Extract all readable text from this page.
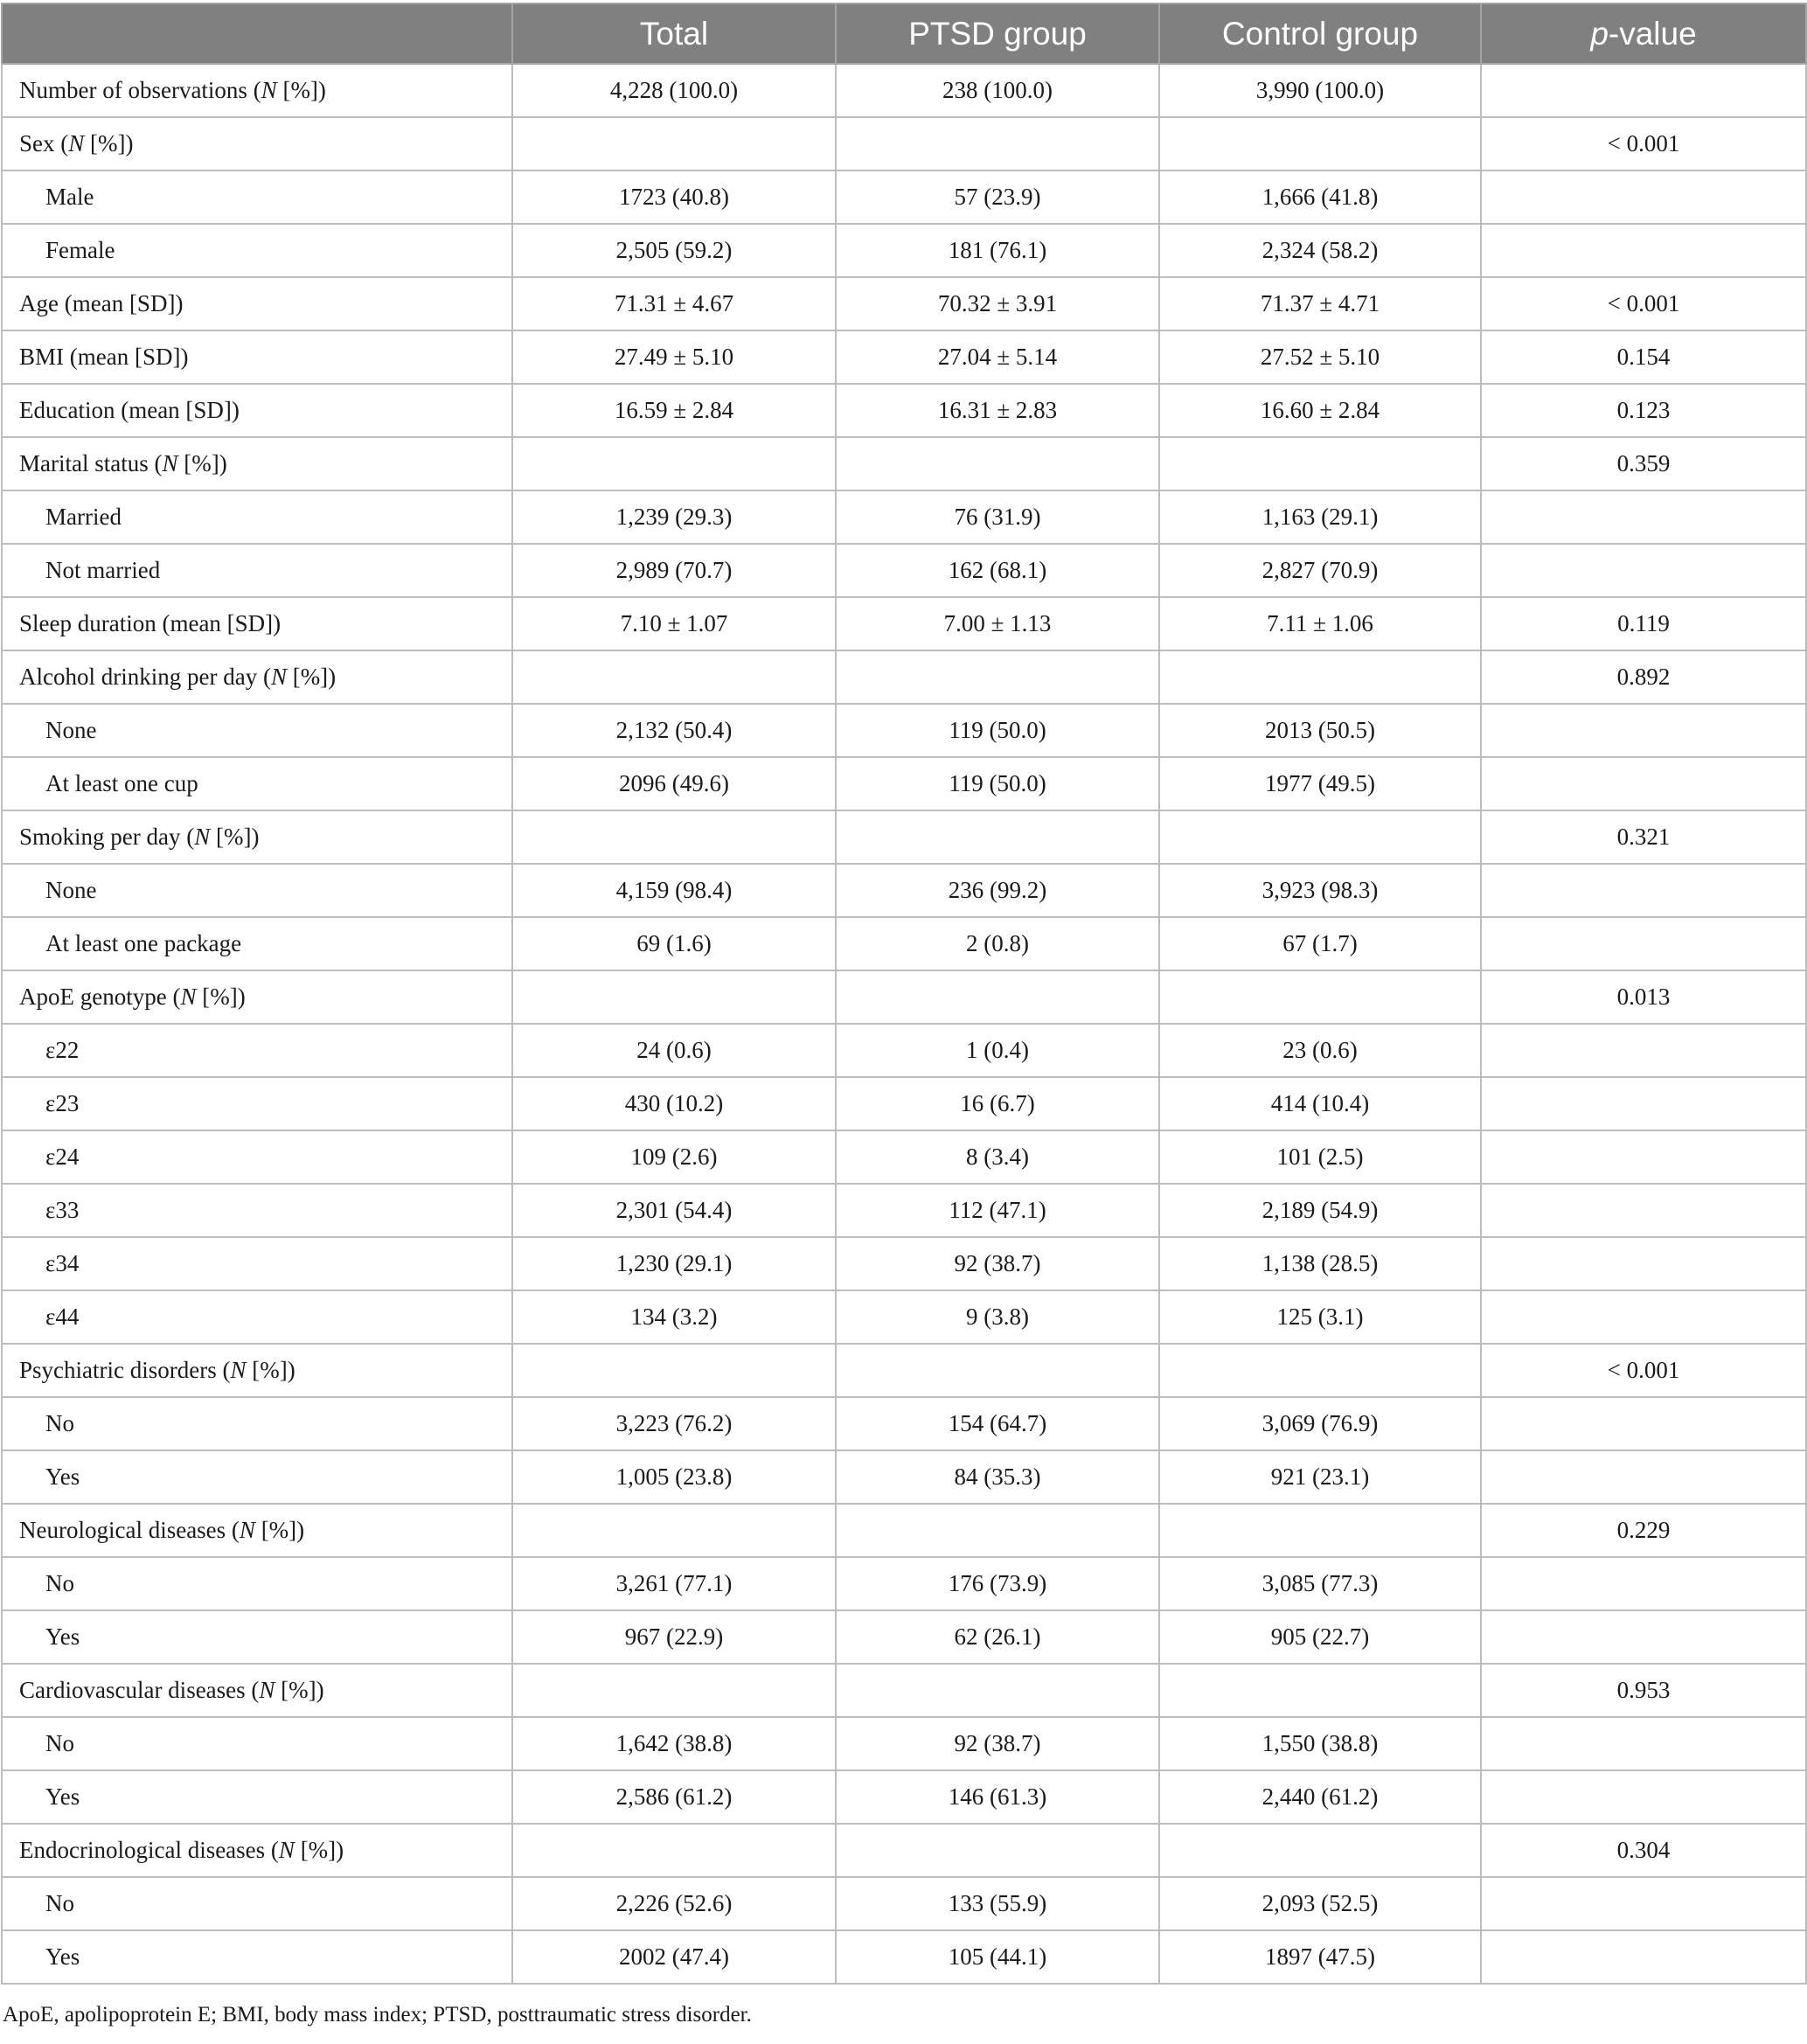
	Total	PTSD group	Control group	p-value
Number of observations (N [%])	4,228 (100.0)	238 (100.0)	3,990 (100.0)	
Sex (N [%])				< 0.001
Male	1723 (40.8)	57 (23.9)	1,666 (41.8)	
Female	2,505 (59.2)	181 (76.1)	2,324 (58.2)	
Age (mean [SD])	71.31 ± 4.67	70.32 ± 3.91	71.37 ± 4.71	< 0.001
BMI (mean [SD])	27.49 ± 5.10	27.04 ± 5.14	27.52 ± 5.10	0.154
Education (mean [SD])	16.59 ± 2.84	16.31 ± 2.83	16.60 ± 2.84	0.123
Marital status (N [%])				0.359
Married	1,239 (29.3)	76 (31.9)	1,163 (29.1)	
Not married	2,989 (70.7)	162 (68.1)	2,827 (70.9)	
Sleep duration (mean [SD])	7.10 ± 1.07	7.00 ± 1.13	7.11 ± 1.06	0.119
Alcohol drinking per day (N [%])				0.892
None	2,132 (50.4)	119 (50.0)	2013 (50.5)	
At least one cup	2096 (49.6)	119 (50.0)	1977 (49.5)	
Smoking per day (N [%])				0.321
None	4,159 (98.4)	236 (99.2)	3,923 (98.3)	
At least one package	69 (1.6)	2 (0.8)	67 (1.7)	
ApoE genotype (N [%])				0.013
ε22	24 (0.6)	1 (0.4)	23 (0.6)	
ε23	430 (10.2)	16 (6.7)	414 (10.4)	
ε24	109 (2.6)	8 (3.4)	101 (2.5)	
ε33	2,301 (54.4)	112 (47.1)	2,189 (54.9)	
ε34	1,230 (29.1)	92 (38.7)	1,138 (28.5)	
ε44	134 (3.2)	9 (3.8)	125 (3.1)	
Psychiatric disorders (N [%])				< 0.001
No	3,223 (76.2)	154 (64.7)	3,069 (76.9)	
Yes	1,005 (23.8)	84 (35.3)	921 (23.1)	
Neurological diseases (N [%])				0.229
No	3,261 (77.1)	176 (73.9)	3,085 (77.3)	
Yes	967 (22.9)	62 (26.1)	905 (22.7)	
Cardiovascular diseases (N [%])				0.953
No	1,642 (38.8)	92 (38.7)	1,550 (38.8)	
Yes	2,586 (61.2)	146 (61.3)	2,440 (61.2)	
Endocrinological diseases (N [%])				0.304
No	2,226 (52.6)	133 (55.9)	2,093 (52.5)	
Yes	2002 (47.4)	105 (44.1)	1897 (47.5)	
ApoE, apolipoprotein E; BMI, body mass index; PTSD, posttraumatic stress disorder.
